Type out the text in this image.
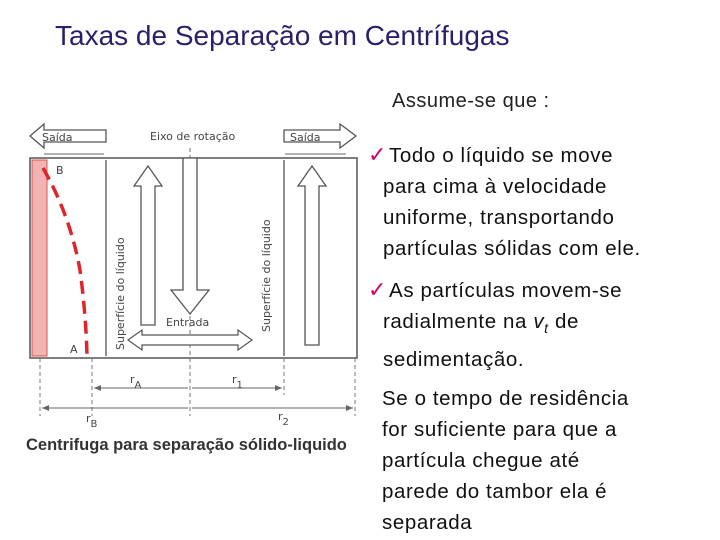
Taxas de Separação em Centrífugas
Saída	Saída
Eixo de rotação
Entrada
Superfície do líquido	Superfície do líquido
B
A
rA	r1
rB
r2
Centrifuga para separação sólido-liquido
Assume-se que :
✓Todo o líquido se move
para cima à velocidade
uniforme, transportando
partículas sólidas com ele.
✓As partículas movem-se
radialmente na $v_t$ de
sedimentação.
Se o tempo de residência
for suficiente para que a
partícula chegue até
parede do tambor ela é
separada
